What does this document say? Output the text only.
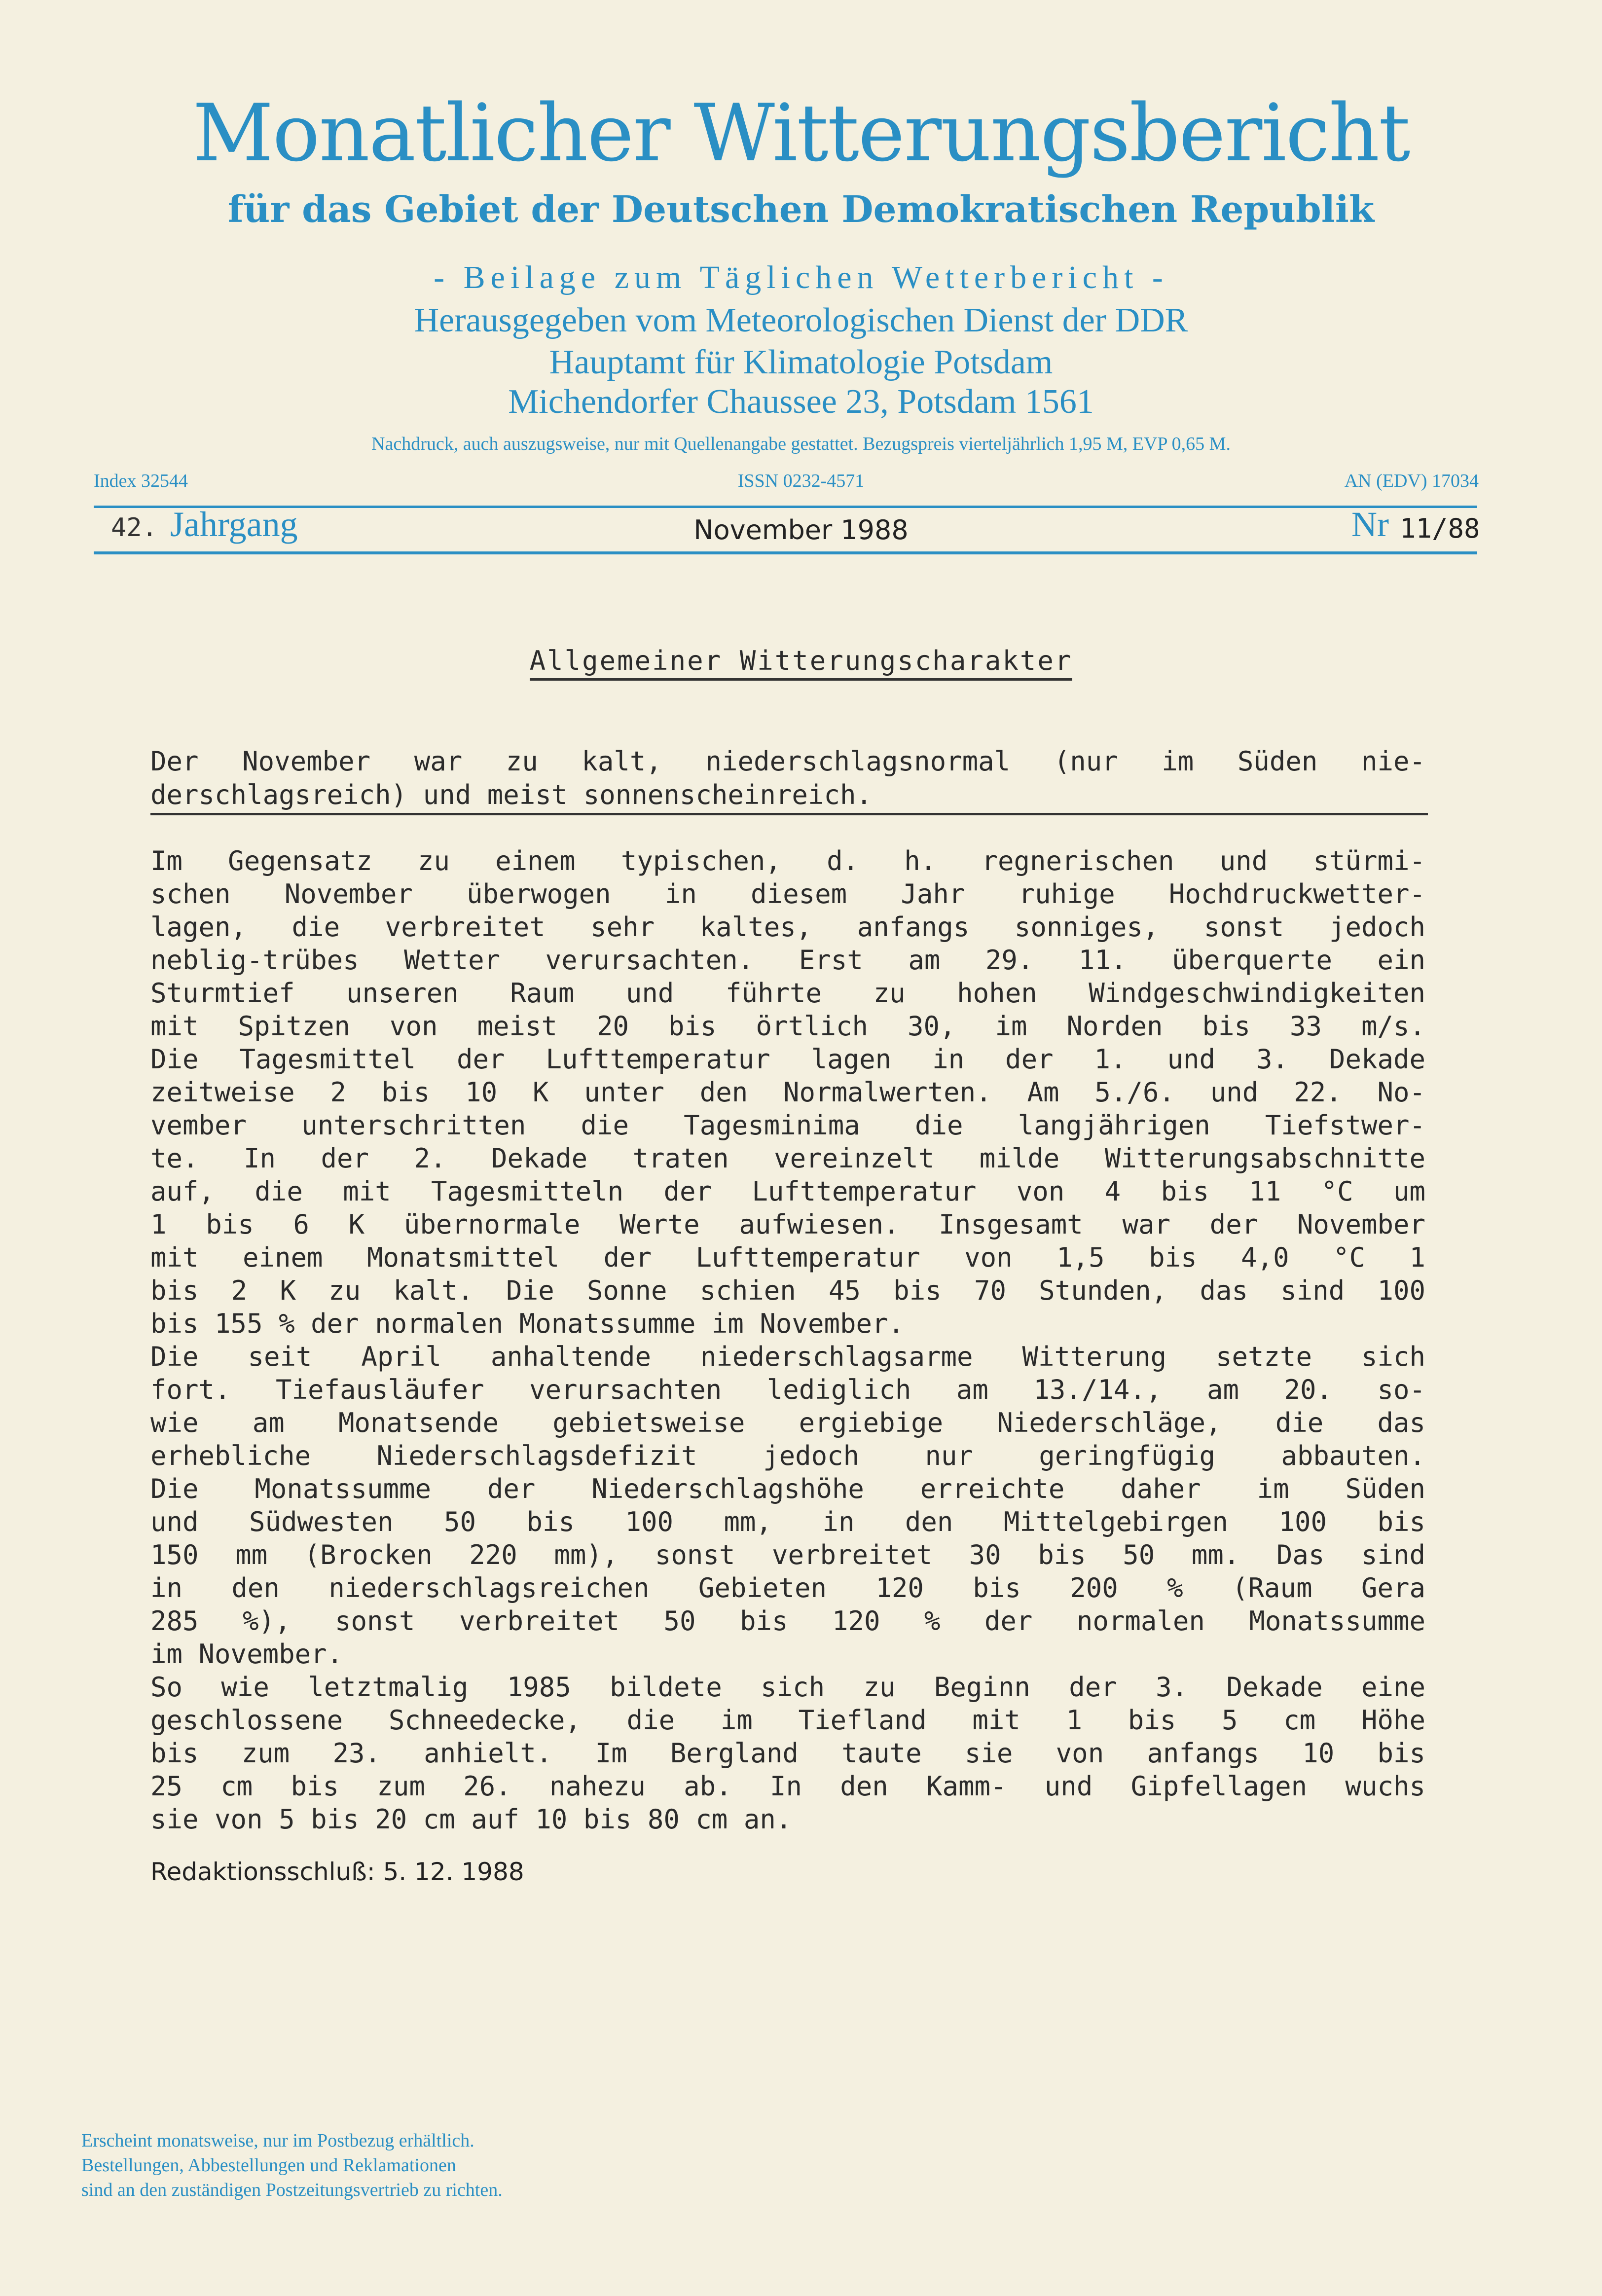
Monatlicher Witterungsbericht
für das Gebiet der Deutschen Demokratischen Republik
- Beilage zum Täglichen Wetterbericht -
Herausgegeben vom Meteorologischen Dienst der DDR
Hauptamt für Klimatologie Potsdam
Michendorfer Chaussee 23, Potsdam 1561
Nachdruck, auch auszugsweise, nur mit Quellenangabe gestattet. Bezugspreis vierteljährlich 1,95 M, EVP 0,65 M.
Index 32544	ISSN 0232-4571	AN (EDV) 17034
42. Jahrgang	November 1988	Nr 11/88
Allgemeiner Witterungscharakter
Der November war zu kalt, niederschlagsnormal (nur im Süden nie-
derschlagsreich) und meist sonnenscheinreich.
Im Gegensatz zu einem typischen, d. h. regnerischen und stürmi-
schen November überwogen in diesem Jahr ruhige Hochdruckwetter-
lagen, die verbreitet sehr kaltes, anfangs sonniges, sonst jedoch
neblig-trübes Wetter verursachten. Erst am 29. 11. überquerte ein
Sturmtief unseren Raum und führte zu hohen Windgeschwindigkeiten
mit Spitzen von meist 20 bis örtlich 30, im Norden bis 33 m/s.
Die Tagesmittel der Lufttemperatur lagen in der 1. und 3. Dekade
zeitweise 2 bis 10 K unter den Normalwerten. Am 5./6. und 22. No-
vember unterschritten die Tagesminima die langjährigen Tiefstwer-
te. In der 2. Dekade traten vereinzelt milde Witterungsabschnitte
auf, die mit Tagesmitteln der Lufttemperatur von 4 bis 11 °C um
1 bis 6 K übernormale Werte aufwiesen. Insgesamt war der November
mit einem Monatsmittel der Lufttemperatur von 1,5 bis 4,0 °C 1
bis 2 K zu kalt. Die Sonne schien 45 bis 70 Stunden, das sind 100
bis 155 % der normalen Monatssumme im November.
Die seit April anhaltende niederschlagsarme Witterung setzte sich
fort. Tiefausläufer verursachten lediglich am 13./14., am 20. so-
wie am Monatsende gebietsweise ergiebige Niederschläge, die das
erhebliche Niederschlagsdefizit jedoch nur geringfügig abbauten.
Die Monatssumme der Niederschlagshöhe erreichte daher im Süden
und Südwesten 50 bis 100 mm, in den Mittelgebirgen 100 bis
150 mm (Brocken 220 mm), sonst verbreitet 30 bis 50 mm. Das sind
in den niederschlagsreichen Gebieten 120 bis 200 % (Raum Gera
285 %), sonst verbreitet 50 bis 120 % der normalen Monatssumme
im November.
So wie letztmalig 1985 bildete sich zu Beginn der 3. Dekade eine
geschlossene Schneedecke, die im Tiefland mit 1 bis 5 cm Höhe
bis zum 23. anhielt. Im Bergland taute sie von anfangs 10 bis
25 cm bis zum 26. nahezu ab. In den Kamm- und Gipfellagen wuchs
sie von 5 bis 20 cm auf 10 bis 80 cm an.
Redaktionsschluß: 5. 12. 1988
Erscheint monatsweise, nur im Postbezug erhältlich.
Bestellungen, Abbestellungen und Reklamationen
sind an den zuständigen Postzeitungsvertrieb zu richten.
